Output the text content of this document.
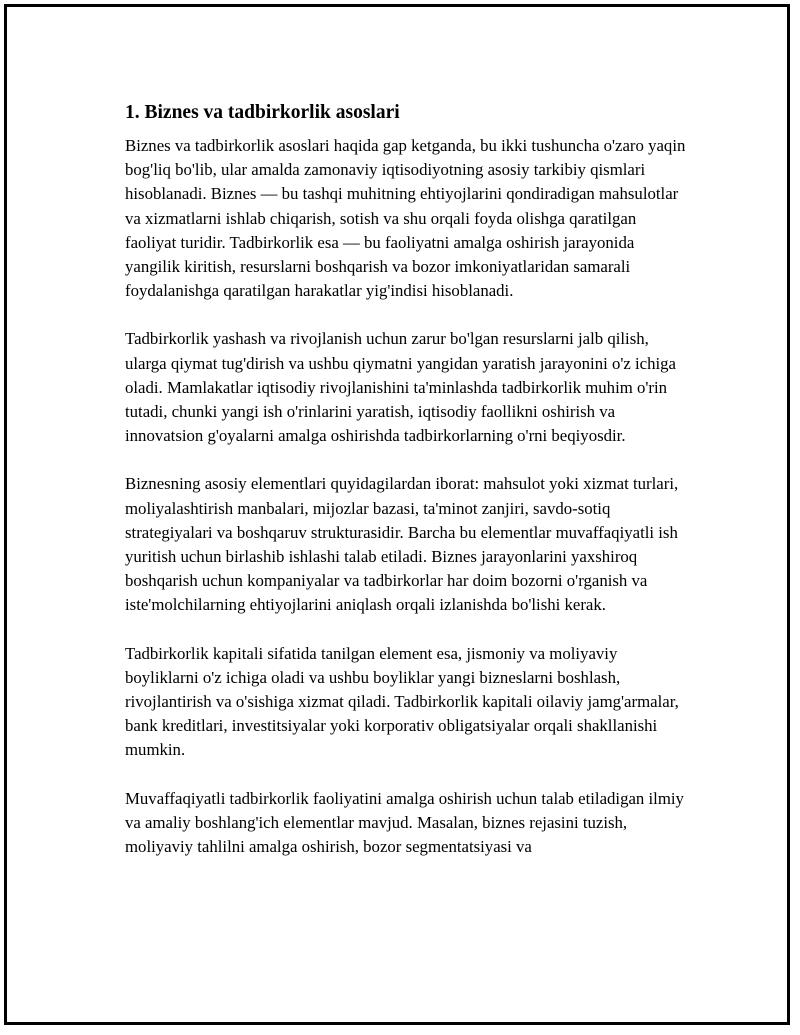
1. Biznes va tadbirkorlik asoslari

Biznes va tadbirkorlik asoslari haqida gap ketganda, bu ikki tushuncha o'zaro yaqin bog'liq bo'lib, ular amalda zamonaviy iqtisodiyotning asosiy tarkibiy qismlari hisoblanadi. Biznes — bu tashqi muhitning ehtiyojlarini qondiradigan mahsulotlar va xizmatlarni ishlab chiqarish, sotish va shu orqali foyda olishga qaratilgan faoliyat turidir. Tadbirkorlik esa — bu faoliyatni amalga oshirish jarayonida yangilik kiritish, resurslarni boshqarish va bozor imkoniyatlaridan samarali foydalanishga qaratilgan harakatlar yig'indisi hisoblanadi.

Tadbirkorlik yashash va rivojlanish uchun zarur bo'lgan resurslarni jalb qilish, ularga qiymat tug'dirish va ushbu qiymatni yangidan yaratish jarayonini o'z ichiga oladi. Mamlakatlar iqtisodiy rivojlanishini ta'minlashda tadbirkorlik muhim o'rin tutadi, chunki yangi ish o'rinlarini yaratish, iqtisodiy faollikni oshirish va innovatsion g'oyalarni amalga oshirishda tadbirkorlarning o'rni beqiyosdir.

Biznesning asosiy elementlari quyidagilardan iborat: mahsulot yoki xizmat turlari, moliyalashtirish manbalari, mijozlar bazasi, ta'minot zanjiri, savdo-sotiq strategiyalari va boshqaruv strukturasidir. Barcha bu elementlar muvaffaqiyatli ish yuritish uchun birlashib ishlashi talab etiladi. Biznes jarayonlarini yaxshiroq boshqarish uchun kompaniyalar va tadbirkorlar har doim bozorni o'rganish va iste'molchilarning ehtiyojlarini aniqlash orqali izlanishda bo'lishi kerak.

Tadbirkorlik kapitali sifatida tanilgan element esa, jismoniy va moliyaviy boyliklarni o'z ichiga oladi va ushbu boyliklar yangi bizneslarni boshlash, rivojlantirish va o'sishiga xizmat qiladi. Tadbirkorlik kapitali oilaviy jamg'armalar, bank kreditlari, investitsiyalar yoki korporativ obligatsiyalar orqali shakllanishi mumkin.

Muvaffaqiyatli tadbirkorlik faoliyatini amalga oshirish uchun talab etiladigan ilmiy va amaliy boshlang'ich elementlar mavjud. Masalan, biznes rejasini tuzish, moliyaviy tahlilni amalga oshirish, bozor segmentatsiyasi va
